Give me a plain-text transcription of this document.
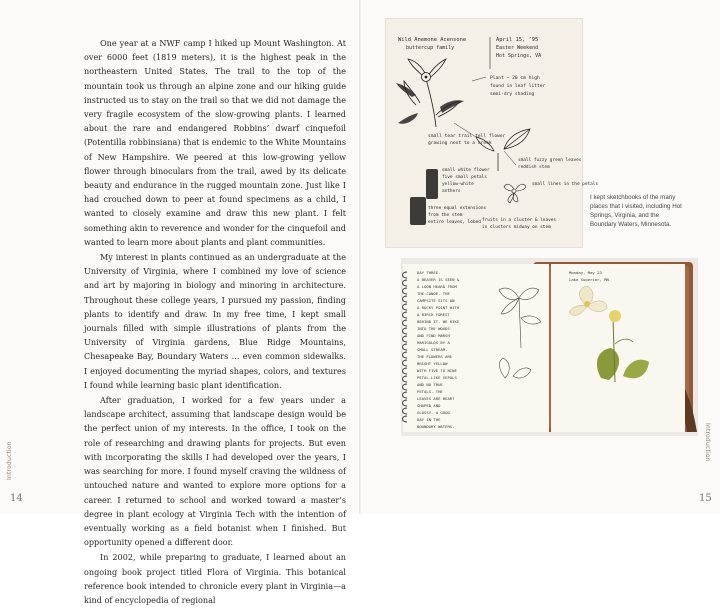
One year at a NWF camp I hiked up Mount Washington. At over 6000 feet (1819 meters), it is the highest peak in the northeastern United States. The trail to the top of the mountain took us through an alpine zone and our hiking guide instructed us to stay on the trail so that we did not damage the very fragile ecosystem of the slow-growing plants. I learned about the rare and endangered Robbins’ dwarf cinquefoil (Potentilla robbinsiana) that is endemic to the White Mountains of New Hampshire. We peered at this low-growing yellow flower through binoculars from the trail, awed by its delicate beauty and endurance in the rugged mountain zone. Just like I had crouched down to peer at found specimens as a child, I wanted to closely examine and draw this new plant. I felt something akin to reverence and wonder for the cinquefoil and wanted to learn more about plants and plant communities.

My interest in plants continued as an undergraduate at the University of Virginia, where I combined my love of science and art by majoring in biology and minoring in architecture. Throughout these college years, I pursued my passion, finding plants to identify and draw. In my free time, I kept small journals filled with simple illustrations of plants from the University of Virginia gardens, Blue Ridge Mountains, Chesapeake Bay, Boundary Waters … even common sidewalks. I enjoyed documenting the myriad shapes, colors, and textures I found while learning basic plant identification.

After graduation, I worked for a few years under a landscape architect, assuming that landscape design would be the perfect union of my interests. In the office, I took on the role of researching and drawing plants for projects. But even with incorporating the skills I had developed over the years, I was searching for more. I found myself craving the wildness of untouched nature and wanted to explore more options for a career. I returned to school and worked toward a master’s degree in plant ecology at Virginia Tech with the intention of eventually working as a field botanist when I finished. But opportunity opened a different door.

In 2002, while preparing to graduate, I learned about an ongoing book project titled Flora of Virginia. This botanical reference book intended to chronicle every plant in Virginia—a kind of encyclopedia of regional

Introduction
14
Wild Anemone Acensone
buttercup family
April 15, ’95
Easter Weekend
Hot Springs, VA
Plant ~ 20 cm high
found in leaf litter
semi-dry shading
small tear trail tell flower
growing next to a creek
small fuzzy green leaves
reddish stem
small white flower
five small petals
yellow-white
anthers
small lines in the petals
three equal extensions
from the stem
entire leaves, lobed fruits in a cluster & leaves
in clusters midway on stem
I kept sketchbooks of the many places that I visited, including Hot Springs, Virginia, and the Boundary Waters, Minnesota.
DAY THREE.
A BEAVER IS SEEN &
A LOON HEARD FROM
THE CANOE. THE
CAMPSITE SITS ON
A ROCKY POINT WITH
A BIRCH FOREST
BEHIND IT. WE HIKE
INTO THE WOODS
AND FIND MARSH
MARIGOLDS BY A
SMALL STREAM.
THE FLOWERS ARE
BRIGHT YELLOW
WITH FIVE TO NINE
PETAL-LIKE SEPALS
AND NO TRUE
PETALS. THE
LEAVES ARE HEART
SHAPED AND
GLOSSY. A GOOD
DAY IN THE
BOUNDARY WATERS.
Monday, May 23
Lake Superior, MN
Introduction
15
